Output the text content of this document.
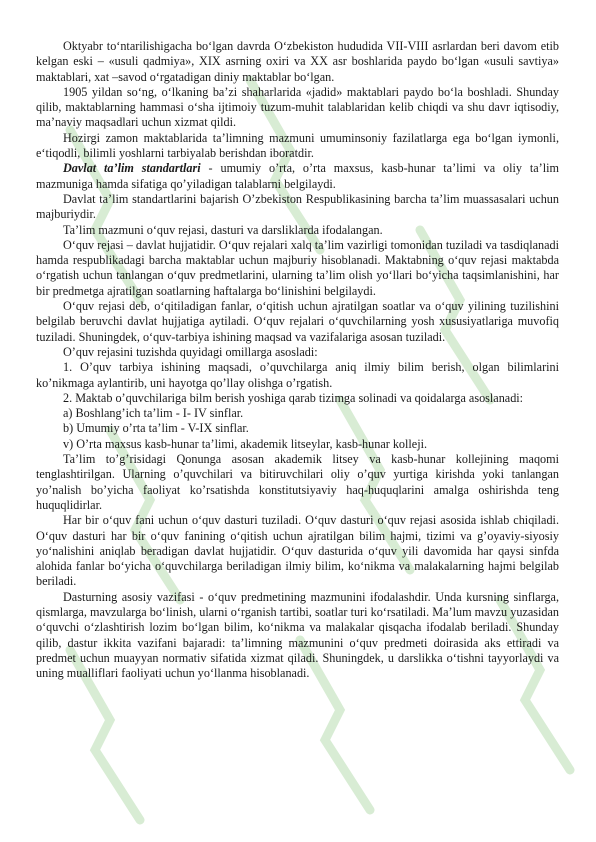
Oktyabr to‘ntarilishigacha bo‘lgan davrda O‘zbekiston hududida VII-VIII asrlardan beri davom etib kelgan eski – «usuli qadmiya», XIX asrning oxiri va XX asr boshlarida paydo bo‘lgan «usuli savtiya» maktablari, xat –savod o‘rgatadigan diniy maktablar bo‘lgan.

1905 yildan so‘ng, o‘lkaning ba’zi shaharlarida «jadid» maktablari paydo bo‘la boshladi. Shunday qilib, maktablarning hammasi o‘sha ijtimoiy tuzum-muhit talablaridan kelib chiqdi va shu davr iqtisodiy, ma’naviy maqsadlari uchun xizmat qildi.

Hozirgi zamon maktablarida ta’limning mazmuni umuminsoniy fazilatlarga ega bo‘lgan iymonli, e‘tiqodli, bilimli yoshlarni tarbiyalab berishdan iboratdir.

Davlat ta’lim standartlari - umumiy o’rta, o’rta maxsus, kasb-hunar ta’limi va oliy ta’lim mazmuniga hamda sifatiga qo’yiladigan talablarni belgilaydi.

Davlat ta’lim standartlarini bajarish O’zbekiston Respublikasining barcha ta’lim muassasalari uchun majburiydir.

Ta’lim mazmuni o‘quv rejasi, dasturi va darsliklarda ifodalangan.

O‘quv rejasi – davlat hujjatidir. O‘quv rejalari xalq ta’lim vazirligi tomonidan tuziladi va tasdiqlanadi hamda respublikadagi barcha maktablar uchun majburiy hisoblanadi. Maktabning o‘quv rejasi maktabda o‘rgatish uchun tanlangan o‘quv predmetlarini, ularning ta’lim olish yo‘llari bo‘yicha taqsimlanishini, har bir predmetga ajratilgan soatlarning haftalarga bo‘linishini belgilaydi.

O‘quv rejasi deb, o‘qitiladigan fanlar, o‘qitish uchun ajratilgan soatlar va o‘quv yilining tuzilishini belgilab beruvchi davlat hujjatiga aytiladi. O‘quv rejalari o‘quvchilarning yosh xususiyatlariga muvofiq tuziladi. Shuningdek, o‘quv-tarbiya ishining maqsad va vazifalariga asosan tuziladi.

O’quv rejasini tuzishda quyidagi omillarga asosladi:

1. O’quv tarbiya ishining maqsadi, o’quvchilarga aniq ilmiy bilim berish, olgan bilimlarini ko’nikmaga aylantirib, uni hayotga qo’llay olishga o’rgatish.

2. Maktab o’quvchilariga bilm berish yoshiga qarab tizimga solinadi va qoidalarga asoslanadi:

a) Boshlang’ich ta’lim - I- IV sinflar.

b) Umumiy o’rta ta’lim - V-IX sinflar.

v) O’rta maxsus kasb-hunar ta’limi, akademik litseylar, kasb-hunar kolleji.

Ta’lim to’g’risidagi Qonunga asosan akademik litsey va kasb-hunar kollejining maqomi tenglashtirilgan. Ularning o’quvchilari va bitiruvchilari oliy o’quv yurtiga kirishda yoki tanlangan yo’nalish bo’yicha faoliyat ko’rsatishda konstitutsiyaviy haq-huquqlarini amalga oshirishda teng huquqlidirlar.

Har bir o‘quv fani uchun o‘quv dasturi tuziladi. O‘quv dasturi o‘quv rejasi asosida ishlab chiqiladi. O‘quv dasturi har bir o‘quv fanining o‘qitish uchun ajratilgan bilim hajmi, tizimi va g’oyaviy-siyosiy yo‘nalishini aniqlab beradigan davlat hujjatidir. O‘quv dasturida o‘quv yili davomida har qaysi sinfda alohida fanlar bo‘yicha o‘quvchilarga beriladigan ilmiy bilim, ko‘nikma va malakalarning hajmi belgilab beriladi.

Dasturning asosiy vazifasi - o‘quv predmetining mazmunini ifodalashdir. Unda kursning sinflarga, qismlarga, mavzularga bo‘linish, ularni o‘rganish tartibi, soatlar turi ko‘rsatiladi. Ma’lum mavzu yuzasidan o‘quvchi o‘zlashtirish lozim bo‘lgan bilim, ko‘nikma va malakalar qisqacha ifodalab beriladi. Shunday qilib, dastur ikkita vazifani bajaradi: ta’limning mazmunini o‘quv predmeti doirasida aks ettiradi va predmet uchun muayyan normativ sifatida xizmat qiladi. Shuningdek, u darslikka o‘tishni tayyorlaydi va uning mualliflari faoliyati uchun yo‘llanma hisoblanadi.
